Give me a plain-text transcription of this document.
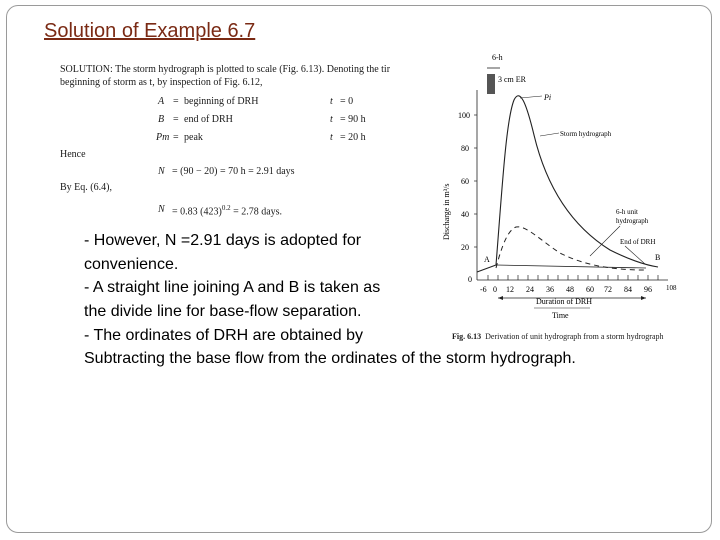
Solution of Example 6.7
SOLUTION: The storm hydrograph is plotted to scale (Fig. 6.13). Denoting the tir
beginning of storm as t, by inspection of Fig. 6.12,
A = beginning of DRH	t = 0
B = end of DRH	t = 90 h
Pm = peak	t = 20 h
Hence
N = (90 − 20) = 70 h = 2.91 days
By Eq. (6.4),
N = 0.83 $(423)^{0.2} = 2.78$ days.
6-h
3 cm ER
100
80
60
40
20
0
Discharge in m³/s
-6 0 12 24 36 48 60 72 84 96 108
Duration of DRH
Time
Pi
Storm hydrograph
6-h unit
hydrograph
End of DRH
A	B
Fig. 6.13 Derivation of unit hydrograph from a storm hydrograph
- However, N =2.91 days is adopted for
convenience.
- A straight line joining A and B is taken as
the divide line for base-flow separation.
- The ordinates of DRH are obtained by
Subtracting the base flow from the ordinates of the storm hydrograph.
